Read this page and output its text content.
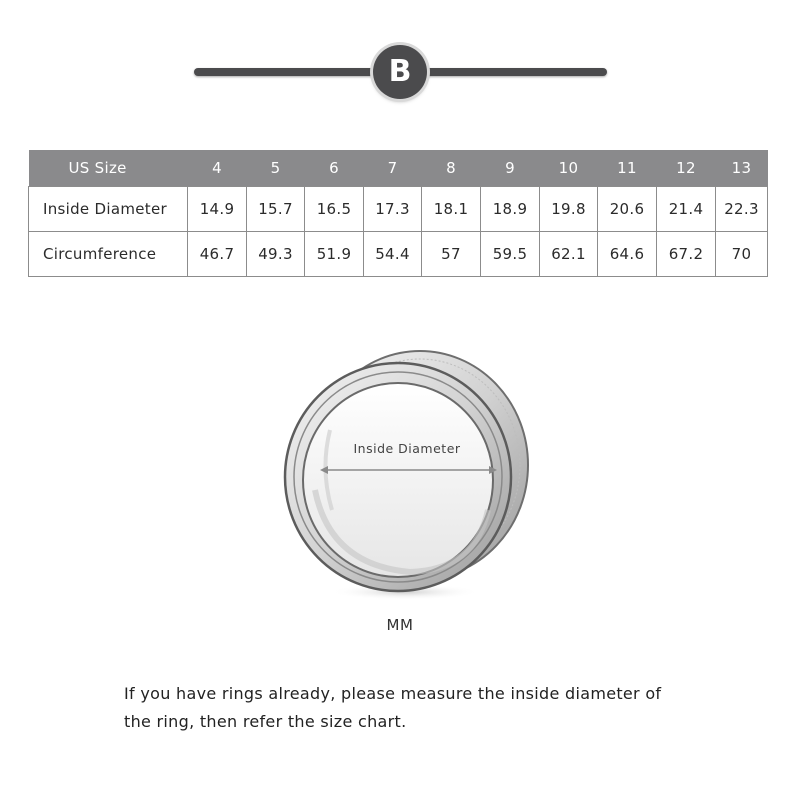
B
US Size	4	5	6	7	8	9	10	11	12	13
Inside Diameter	14.9	15.7	16.5	17.3	18.1	18.9	19.8	20.6	21.4	22.3
Circumference	46.7	49.3	51.9	54.4	57	59.5	62.1	64.6	67.2	70
Inside Diameter
MM
If you have rings already, please measure the inside diameter of
the ring, then refer the size chart.
